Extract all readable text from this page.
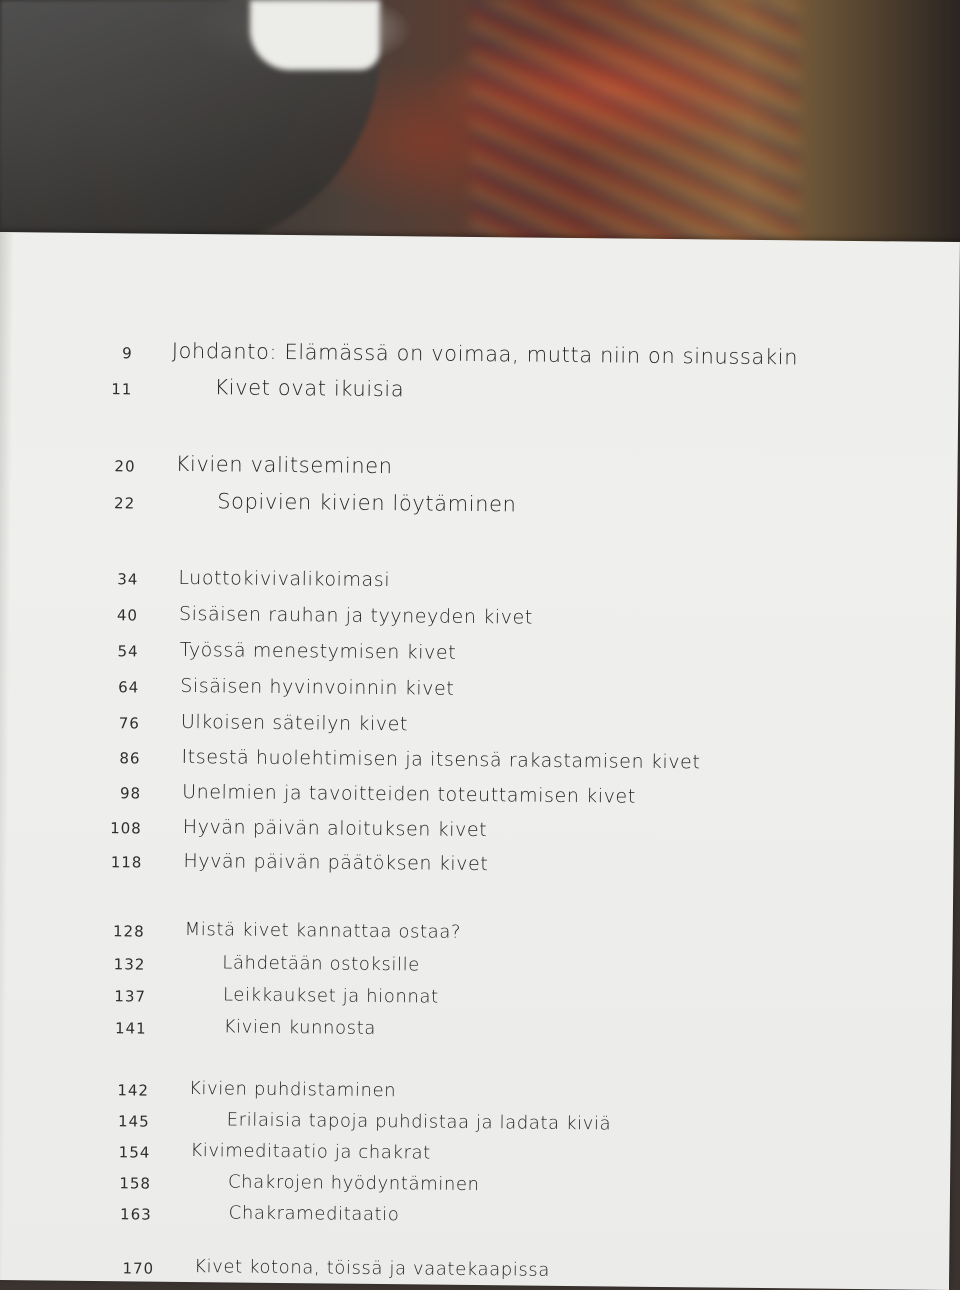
9 Johdanto: Elämässä on voimaa, mutta niin on sinussakin
11	Kivet ovat ikuisia
20 Kivien valitseminen
22	Sopivien kivien löytäminen
34 Luottokivivalikoimasi
40 Sisäisen rauhan ja tyyneyden kivet
54 Työssä menestymisen kivet
64 Sisäisen hyvinvoinnin kivet
76 Ulkoisen säteilyn kivet
86 Itsestä huolehtimisen ja itsensä rakastamisen kivet
98 Unelmien ja tavoitteiden toteuttamisen kivet
108 Hyvän päivän aloituksen kivet
118 Hyvän päivän päätöksen kivet
128 Mistä kivet kannattaa ostaa?
132	Lähdetään ostoksille
137	Leikkaukset ja hionnat
141	Kivien kunnosta
142 Kivien puhdistaminen
145	Erilaisia tapoja puhdistaa ja ladata kiviä
154 Kivimeditaatio ja chakrat
158	Chakrojen hyödyntäminen
163	Chakrameditaatio
170 Kivet kotona, töissä ja vaatekaapissa
